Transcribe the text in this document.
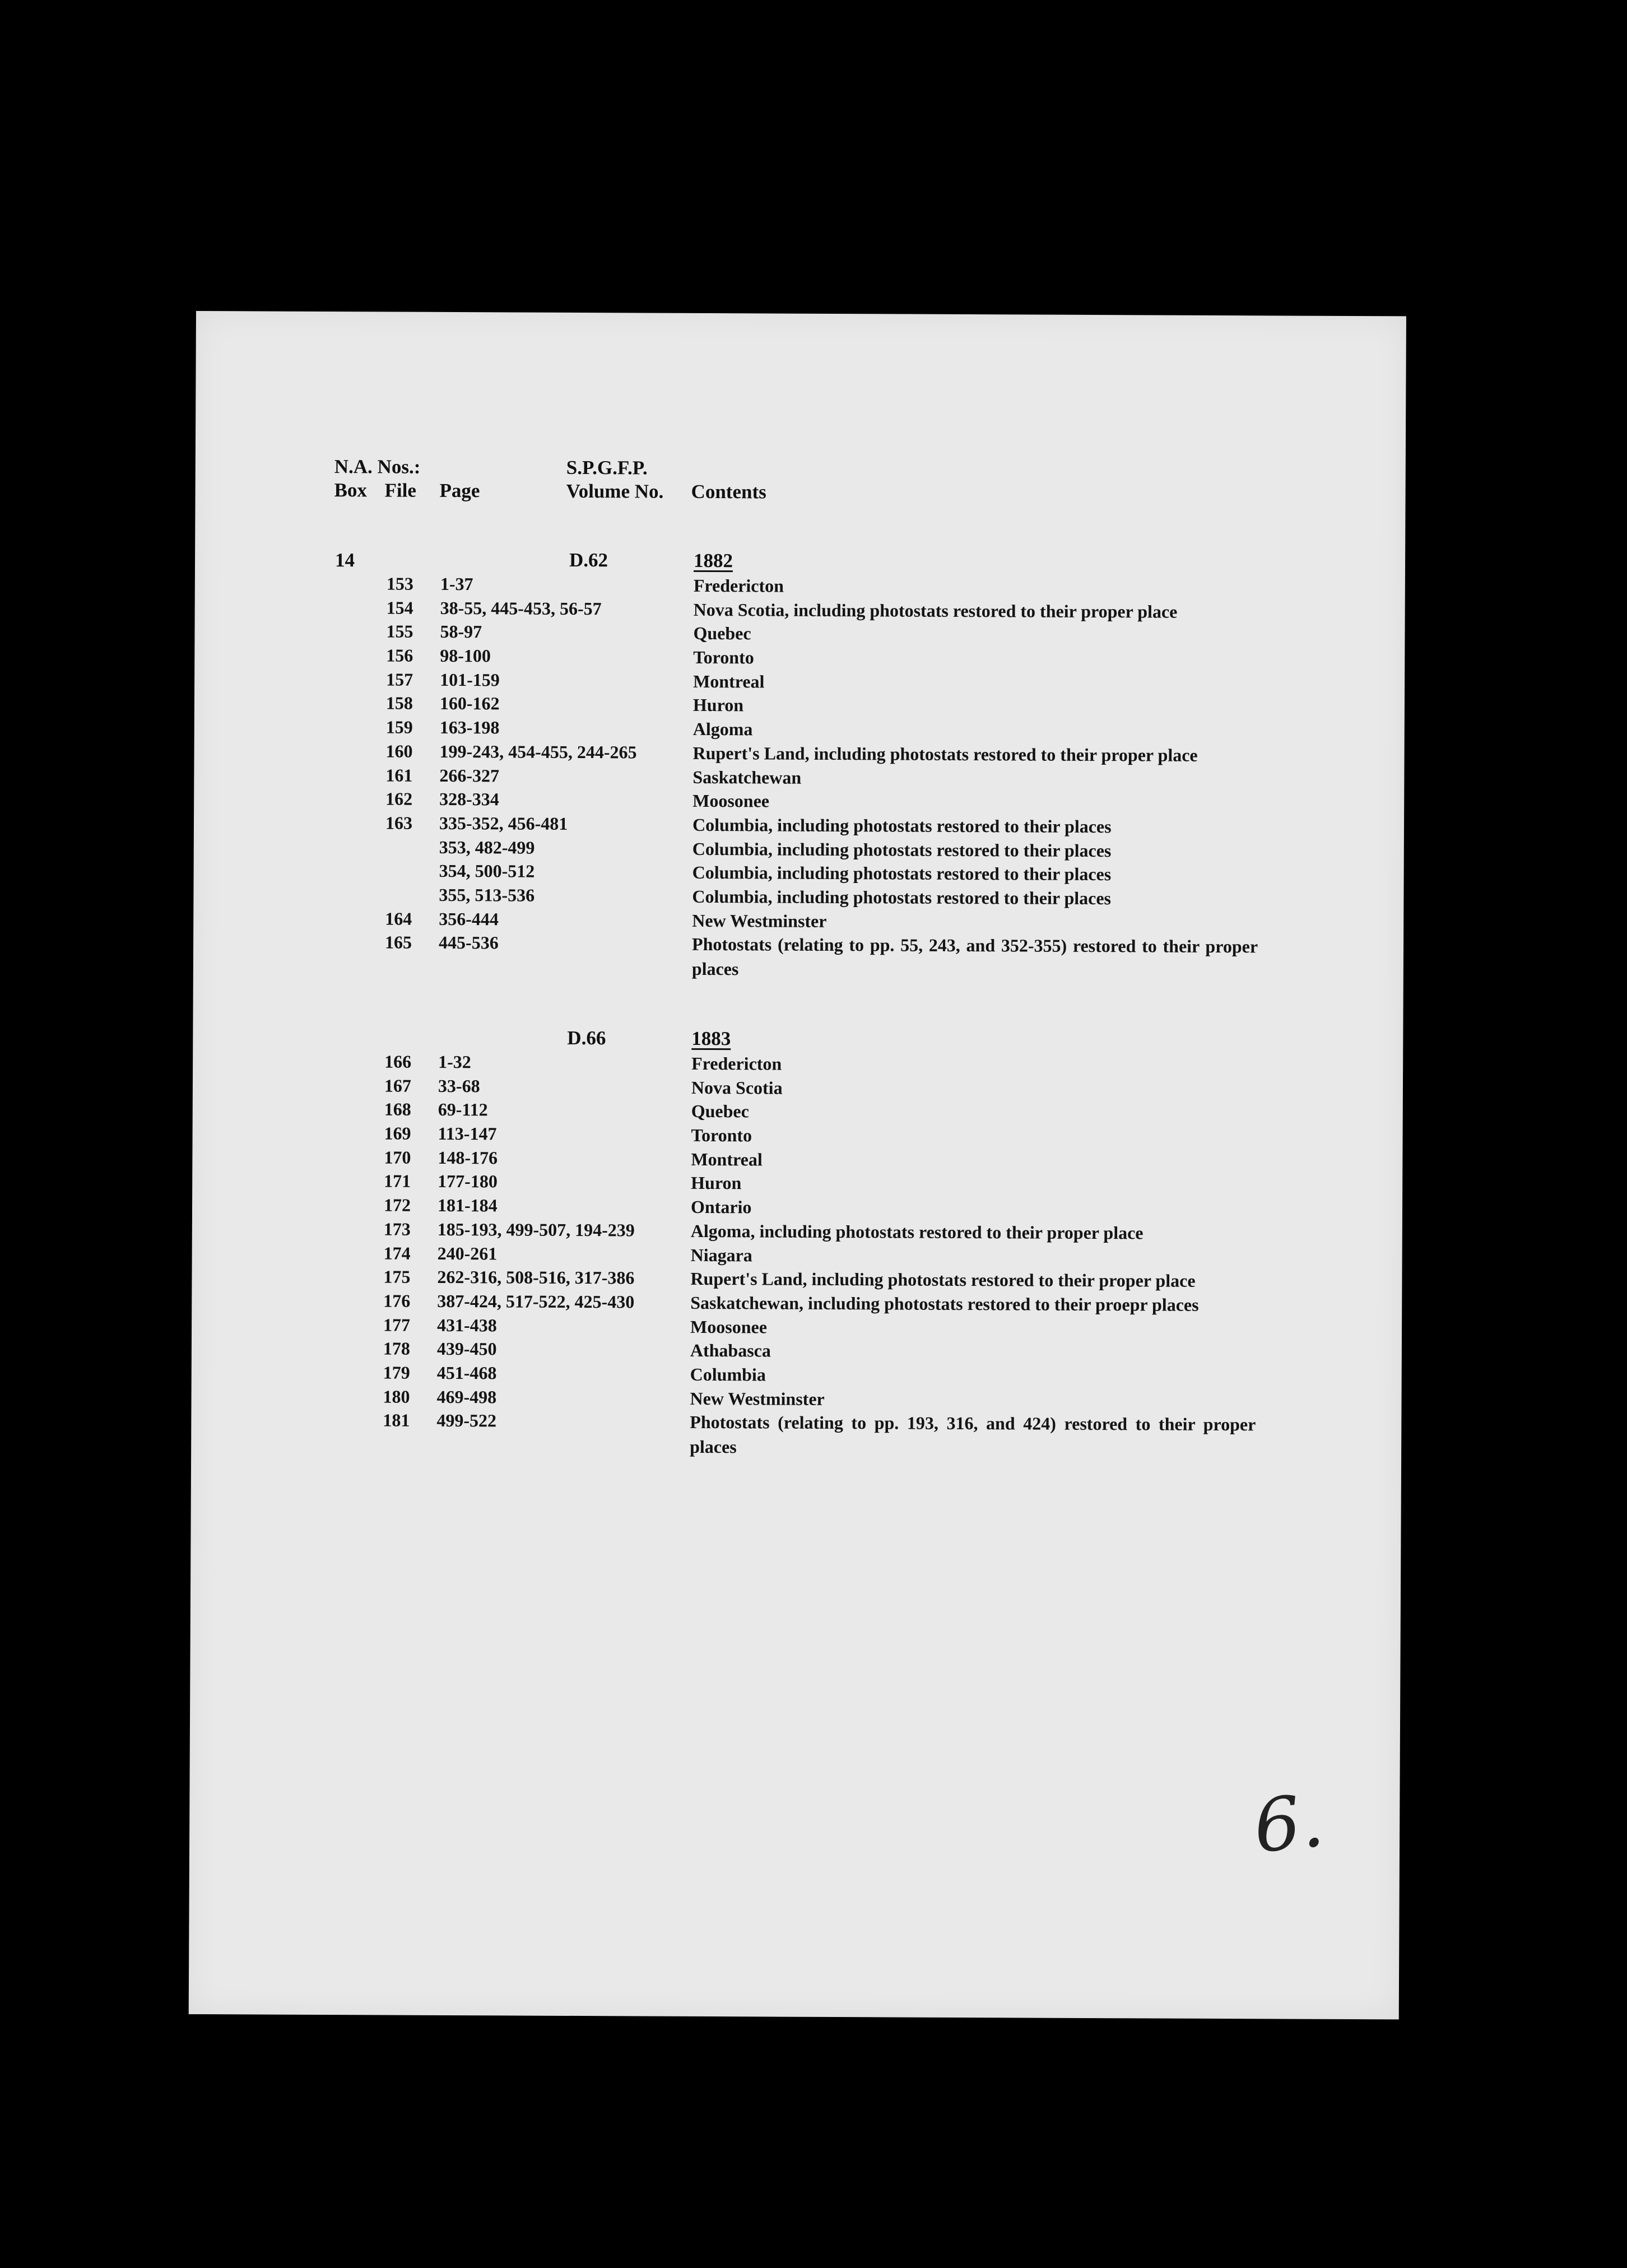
N.A. Nos.:	S.P.G.F.P.
Box File Page	Volume No. Contents
14	D.62	1882
153 1-37	Fredericton
154 38-55, 445-453, 56-57	Nova Scotia, including photostats restored to their proper place
155 58-97	Quebec
156 98-100	Toronto
157 101-159	Montreal
158 160-162	Huron
159 163-198	Algoma
160 199-243, 454-455, 244-265	Rupert's Land, including photostats restored to their proper place
161 266-327	Saskatchewan
162 328-334	Moosonee
163 335-352, 456-481	Columbia, including photostats restored to their places
353, 482-499	Columbia, including photostats restored to their places
354, 500-512	Columbia, including photostats restored to their places
355, 513-536	Columbia, including photostats restored to their places
164 356-444	New Westminster
165 445-536	Photostats (relating to pp. 55, 243, and 352-355) restored to their proper places
D.66	1883
166 1-32	Fredericton
167 33-68	Nova Scotia
168 69-112	Quebec
169 113-147	Toronto
170 148-176	Montreal
171 177-180	Huron
172 181-184	Ontario
173 185-193, 499-507, 194-239	Algoma, including photostats restored to their proper place
174 240-261	Niagara
175 262-316, 508-516, 317-386	Rupert's Land, including photostats restored to their proper place
176 387-424, 517-522, 425-430	Saskatchewan, including photostats restored to their proepr places
177 431-438	Moosonee
178 439-450	Athabasca
179 451-468	Columbia
180 469-498	New Westminster
181 499-522	Photostats (relating to pp. 193, 316, and 424) restored to their proper places
6.
